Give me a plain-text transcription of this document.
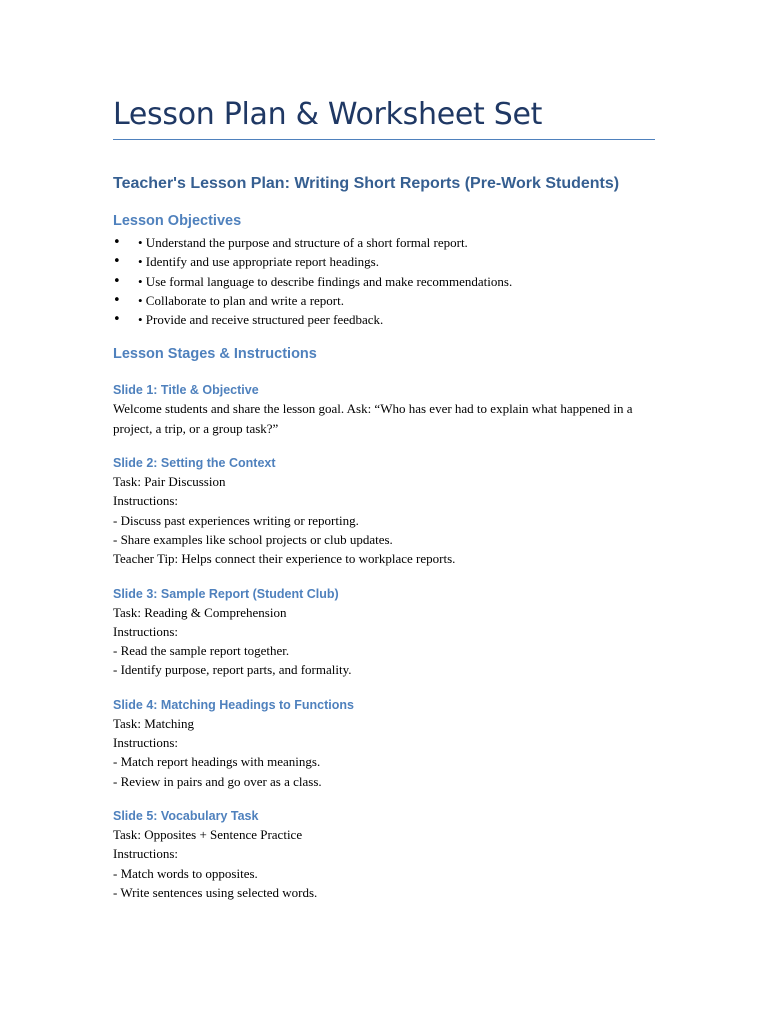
Lesson Plan & Worksheet Set
Teacher's Lesson Plan: Writing Short Reports (Pre-Work Students)
Lesson Objectives
• • Understand the purpose and structure of a short formal report.
• • Identify and use appropriate report headings.
• • Use formal language to describe findings and make recommendations.
• • Collaborate to plan and write a report.
• • Provide and receive structured peer feedback.
Lesson Stages & Instructions
Slide 1: Title & Objective

Welcome students and share the lesson goal. Ask: “Who has ever had to explain what happened in a project, a trip, or a group task?”

Slide 2: Setting the Context

Task: Pair Discussion

Instructions:

- Discuss past experiences writing or reporting.

- Share examples like school projects or club updates.

Teacher Tip: Helps connect their experience to workplace reports.

Slide 3: Sample Report (Student Club)

Task: Reading & Comprehension

Instructions:

- Read the sample report together.

- Identify purpose, report parts, and formality.

Slide 4: Matching Headings to Functions

Task: Matching

Instructions:

- Match report headings with meanings.

- Review in pairs and go over as a class.

Slide 5: Vocabulary Task

Task: Opposites + Sentence Practice

Instructions:

- Match words to opposites.

- Write sentences using selected words.
